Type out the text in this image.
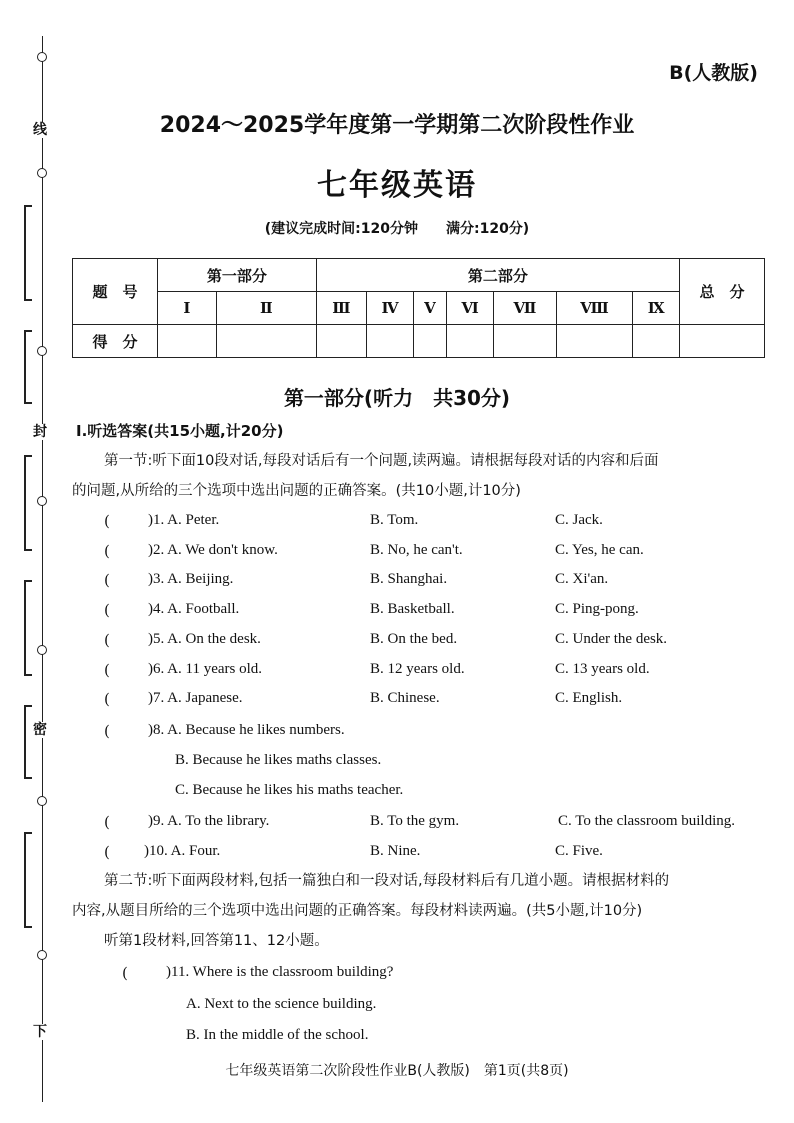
线
封
密
下
B(人教版)
2024～2025学年度第一学期第二次阶段性作业
七年级英语
(建议完成时间:120分钟　　满分:120分)
题　号	第一部分		第二部分							总　分
	Ⅰ	Ⅱ	Ⅲ	Ⅳ	Ⅴ	Ⅵ	Ⅶ	Ⅷ	Ⅸ	
得　分										
第一部分(听力　共30分)
Ⅰ.听选答案(共15小题,计20分)
第一节:听下面10段对话,每段对话后有一个问题,读两遍。请根据每段对话的内容和后面
的问题,从所给的三个选项中选出问题的正确答案。(共10小题,计10分)
(	)1. A. Peter.	B. Tom.	C. Jack.
(	)2. A. We don't know.	B. No, he can't.	C. Yes, he can.
(	)3. A. Beijing.	B. Shanghai.	C. Xi'an.
(	)4. A. Football.	B. Basketball.	C. Ping-pong.
(	)5. A. On the desk.	B. On the bed.	C. Under the desk.
(	)6. A. 11 years old.	B. 12 years old.	C. 13 years old.
(	)7. A. Japanese.	B. Chinese.	C. English.
(	)8. A. Because he likes numbers.
B. Because he likes maths classes.
C. Because he likes his maths teacher.
(	)9. A. To the library.	B. To the gym.	C. To the classroom building.
( )10. A. Four.	B. Nine.	C. Five.
第二节:听下面两段材料,包括一篇独白和一段对话,每段材料后有几道小题。请根据材料的
内容,从题目所给的三个选项中选出问题的正确答案。每段材料读两遍。(共5小题,计10分)
听第1段材料,回答第11、12小题。
(	)11. Where is the classroom building?
A. Next to the science building.
B. In the middle of the school.
七年级英语第二次阶段性作业B(人教版)　第1页(共8页)
